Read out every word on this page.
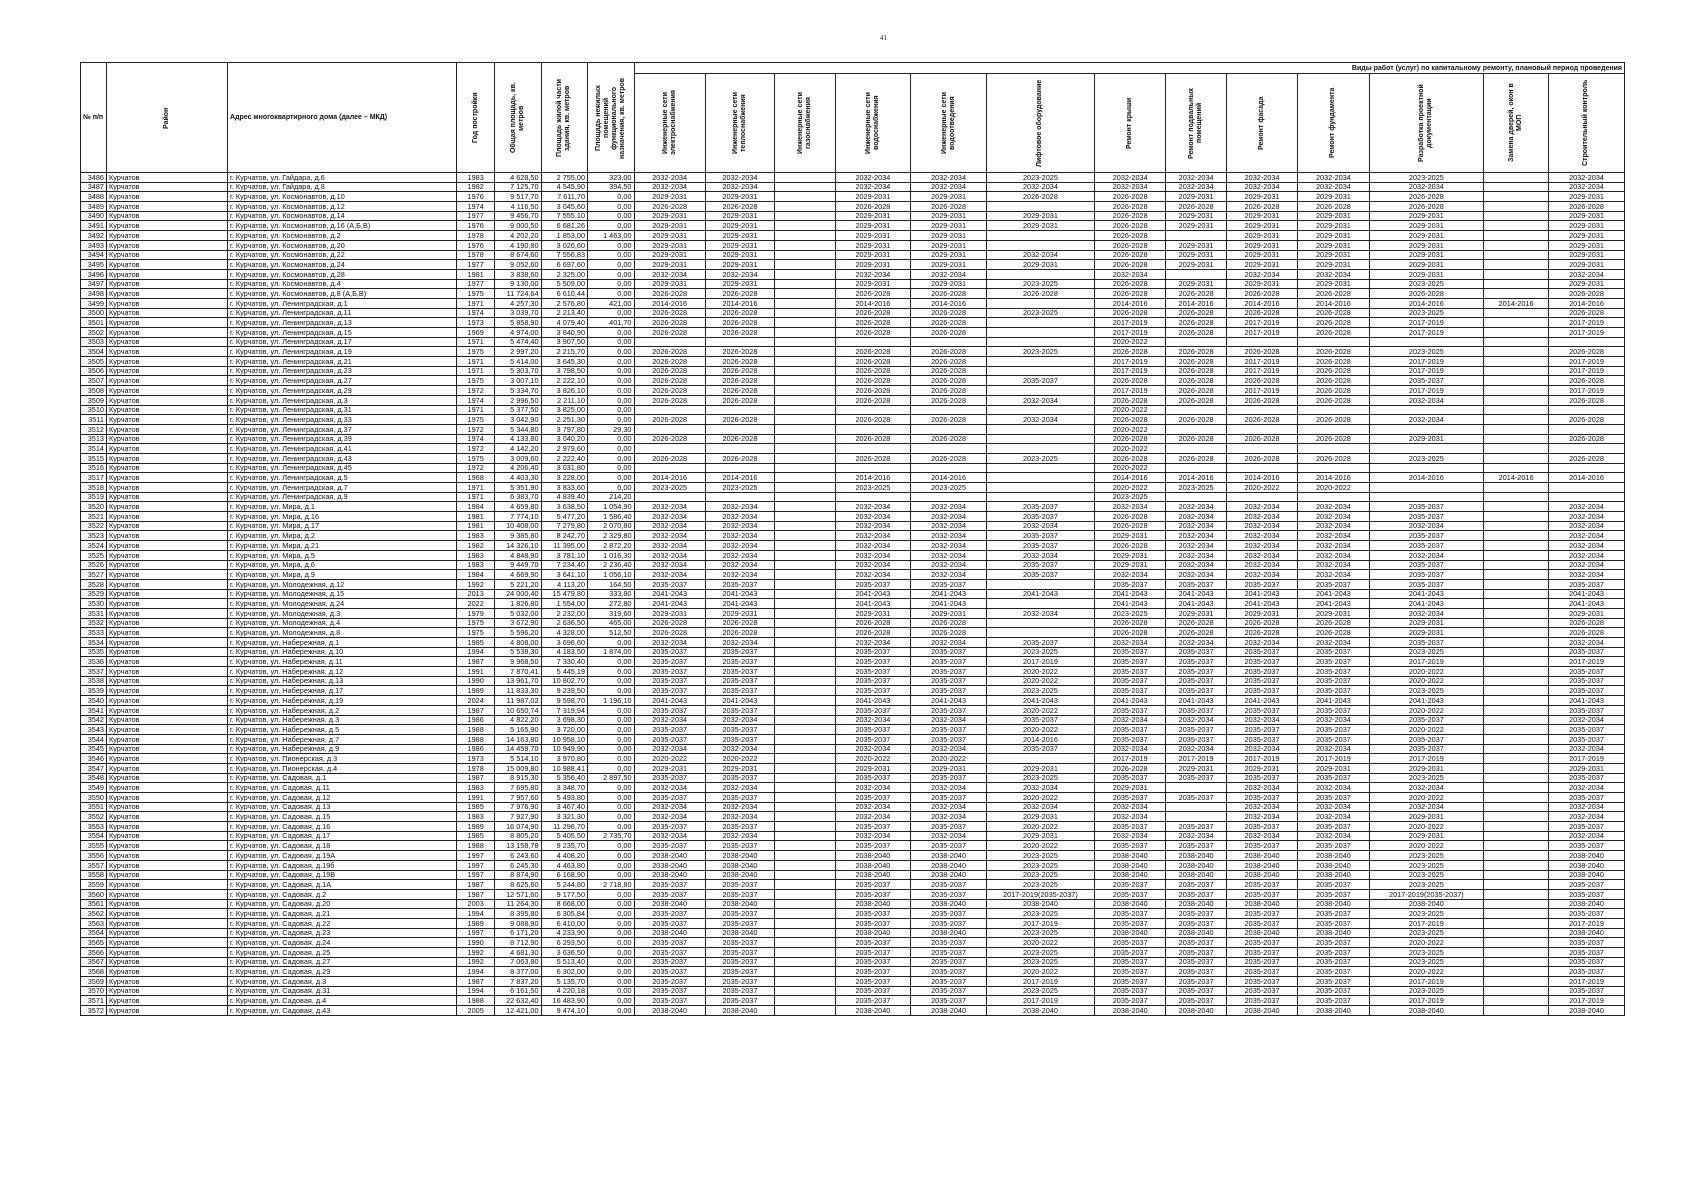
41
№ п/п	Район	Адрес многоквартирного дома (далее – МКД)	Год постройки	Общая площадь, кв. метров	Площадь жилой части здания, кв. метров	Площадь нежилых помещений функционального назначения, кв. метров	Виды работ (услуг) по капитальному ремонту, плановый период проведения												

							Инженерные сети электроснабжения	Инженерные сети теплоснабжения	Инженерные сети газоснабжения	Инженерные сети водоснабжения	Инженерные сети водоотведения	Лифтовое оборудование	Ремонт крыши	Ремонт подвальных помещений	Ремонт фасада	Ремонт фундамента	Разработка проектной документации	Замена дверей, окон в МОП	Строительный контроль

3486	Курчатов	г. Курчатов, ул. Гайдара, д.6	1983	4 628,50	2 755,00	323,00	2032-2034	2032-2034		2032-2034	2032-2034	2023-2025	2032-2034	2032-2034	2032-2034	2032-2034	2023-2025		2032-2034
3487	Курчатов	г. Курчатов, ул. Гайдара, д.8	1982	7 125,70	4 545,90	394,50	2032-2034	2032-2034		2032-2034	2032-2034	2032-2034	2032-2034	2032-2034	2032-2034	2032-2034	2032-2034		2032-2034
3488	Курчатов	г. Курчатов, ул. Космонавтов, д.10	1976	9 517,70	7 611,70	0,00	2029-2031	2029-2031		2029-2031	2029-2031	2026-2028	2026-2028	2029-2031	2029-2031	2029-2031	2026-2028		2029-2031
3489	Курчатов	г. Курчатов, ул. Космонавтов, д.12	1974	4 116,50	3 045,60	0,00	2026-2028	2026-2028		2026-2028	2026-2028		2026-2028	2026-2028	2026-2028	2026-2028	2026-2028		2026-2028
3490	Курчатов	г. Курчатов, ул. Космонавтов, д.14	1977	9 456,70	7 555,10	0,00	2029-2031	2029-2031		2029-2031	2029-2031	2029-2031	2026-2028	2029-2031	2029-2031	2029-2031	2029-2031		2029-2031
3491	Курчатов	г. Курчатов, ул. Космонавтов, д.16 (А,Б,В)	1976	9 000,50	6 681,26	0,00	2029-2031	2029-2031		2029-2031	2029-2031	2029-2031	2026-2028	2029-2031	2029-2031	2029-2031	2029-2031		2029-2031
3492	Курчатов	г. Курчатов, ул. Космонавтов, д.2	1978	4 202,20	1 853,00	1 463,00	2029-2031	2029-2031		2029-2031	2029-2031		2026-2028		2029-2031	2029-2031	2029-2031		2029-2031
3493	Курчатов	г. Курчатов, ул. Космонавтов, д.20	1976	4 190,80	3 026,60	0,00	2029-2031	2029-2031		2029-2031	2029-2031		2026-2028	2029-2031	2029-2031	2029-2031	2029-2031		2029-2031
3494	Курчатов	г. Курчатов, ул. Космонавтов, д.22	1978	8 674,60	7 556,83	0,00	2029-2031	2029-2031		2029-2031	2029-2031	2032-2034	2026-2028	2029-2031	2029-2031	2029-2031	2029-2031		2029-2031
3495	Курчатов	г. Курчатов, ул. Космонавтов, д.24	1977	9 052,60	6 697,60	0,00	2029-2031	2029-2031		2029-2031	2029-2031	2029-2031	2026-2028	2029-2031	2029-2031	2029-2031	2029-2031		2029-2031
3496	Курчатов	г. Курчатов, ул. Космонавтов, д.28	1981	3 838,60	2 325,00	0,00	2032-2034	2032-2034		2032-2034	2032-2034		2032-2034		2032-2034	2032-2034	2029-2031		2032-2034
3497	Курчатов	г. Курчатов, ул. Космонавтов, д.4	1977	9 130,00	5 509,00	0,00	2029-2031	2029-2031		2029-2031	2029-2031	2023-2025	2026-2028	2029-2031	2029-2031	2029-2031	2023-2025		2029-2031
3498	Курчатов	г. Курчатов, ул. Космонавтов, д.8 (А,Б,В)	1975	11 724,64	6 610,44	0,00	2026-2028	2026-2028		2026-2028	2026-2028	2026-2028	2026-2028	2026-2028	2026-2028	2026-2028	2026-2028		2026-2028
3499	Курчатов	г. Курчатов, ул. Ленинградская, д.1	1971	4 257,30	2 576,80	421,00	2014-2016	2014-2016		2014-2016	2014-2016		2014-2016	2014-2016	2014-2016	2014-2016	2014-2016	2014-2016	2014-2016
3500	Курчатов	г. Курчатов, ул. Ленинградская, д.11	1974	3 039,70	2 213,40	0,00	2026-2028	2026-2028		2026-2028	2026-2028	2023-2025	2026-2028	2026-2028	2026-2028	2026-2028	2023-2025		2026-2028
3501	Курчатов	г. Курчатов, ул. Ленинградская, д.13	1973	5 858,90	4 079,40	401,70	2026-2028	2026-2028		2026-2028	2026-2028		2017-2019	2026-2028	2017-2019	2026-2028	2017-2019		2017-2019
3502	Курчатов	г. Курчатов, ул. Ленинградская, д.15	1969	4 974,00	3 840,90	0,00	2026-2028	2026-2028		2026-2028	2026-2028		2017-2019	2026-2028	2017-2019	2026-2028	2017-2019		2017-2019
3503	Курчатов	г. Курчатов, ул. Ленинградская, д.17	1971	5 474,40	3 907,50	0,00							2020-2022						
3504	Курчатов	г. Курчатов, ул. Ленинградская, д.19	1975	2 997,20	2 215,70	0,00	2026-2028	2026-2028		2026-2028	2026-2028	2023-2025	2026-2028	2026-2028	2026-2028	2026-2028	2023-2025		2026-2028
3505	Курчатов	г. Курчатов, ул. Ленинградская, д.21	1971	5 414,00	3 645,30	0,00	2026-2028	2026-2028		2026-2028	2026-2028		2017-2019	2026-2028	2017-2019	2026-2028	2017-2019		2017-2019
3506	Курчатов	г. Курчатов, ул. Ленинградская, д.23	1971	5 303,70	3 798,50	0,00	2026-2028	2026-2028		2026-2028	2026-2028		2017-2019	2026-2028	2017-2019	2026-2028	2017-2019		2017-2019
3507	Курчатов	г. Курчатов, ул. Ленинградская, д.27	1975	3 007,10	2 222,10	0,00	2026-2028	2026-2028		2026-2028	2026-2028	2035-2037	2026-2028	2026-2028	2026-2028	2026-2028	2035-2037		2026-2028
3508	Курчатов	г. Курчатов, ул. Ленинградская, д.29	1972	5 334,70	3 826,10	0,00	2026-2028	2026-2028		2026-2028	2026-2028		2017-2019	2026-2028	2017-2019	2026-2028	2017-2019		2017-2019
3509	Курчатов	г. Курчатов, ул. Ленинградская, д.3	1974	2 996,50	2 211,10	0,00	2026-2028	2026-2028		2026-2028	2026-2028	2032-2034	2026-2028	2026-2028	2026-2028	2026-2028	2032-2034		2026-2028
3510	Курчатов	г. Курчатов, ул. Ленинградская, д.31	1971	5 377,50	3 825,00	0,00							2020-2022						
3511	Курчатов	г. Курчатов, ул. Ленинградская, д.33	1975	3 042,90	2 251,30	0,00	2026-2028	2026-2028		2026-2028	2026-2028	2032-2034	2026-2028	2026-2028	2026-2028	2026-2028	2032-2034		2026-2028
3512	Курчатов	г. Курчатов, ул. Ленинградская, д.37	1972	5 344,80	3 797,80	29,30							2020-2022						
3513	Курчатов	г. Курчатов, ул. Ленинградская, д.39	1974	4 133,80	3 040,20	0,00	2026-2028	2026-2028		2026-2028	2026-2028		2026-2028	2026-2028	2026-2028	2026-2028	2029-2031		2026-2028
3514	Курчатов	г. Курчатов, ул. Ленинградская, д.41	1972	4 142,20	2 979,60	0,00							2020-2022						
3515	Курчатов	г. Курчатов, ул. Ленинградская, д.43	1975	3 009,60	2 222,40	0,00	2026-2028	2026-2028		2026-2028	2026-2028	2023-2025	2026-2028	2026-2028	2026-2028	2026-2028	2023-2025		2026-2028
3516	Курчатов	г. Курчатов, ул. Ленинградская, д.45	1972	4 206,40	3 031,80	0,00							2020-2022						
3517	Курчатов	г. Курчатов, ул. Ленинградская, д.5	1968	4 403,30	3 228,00	0,00	2014-2016	2014-2016		2014-2016	2014-2016		2014-2016	2014-2016	2014-2016	2014-2016	2014-2016	2014-2016	2014-2016
3518	Курчатов	г. Курчатов, ул. Ленинградская, д.7	1971	5 351,90	3 833,60	0,00	2023-2025	2023-2025		2023-2025	2023-2025		2020-2022	2023-2025	2020-2022	2020-2022			
3519	Курчатов	г. Курчатов, ул. Ленинградская, д.9	1971	6 383,70	4 839,40	214,20							2023-2025						
3520	Курчатов	г. Курчатов, ул. Мира, д.1	1984	4 659,80	3 638,50	1 054,90	2032-2034	2032-2034		2032-2034	2032-2034	2035-2037	2032-2034	2032-2034	2032-2034	2032-2034	2035-2037		2032-2034
3521	Курчатов	г. Курчатов, ул. Мира, д.16	1981	7 774,10	5 477,20	1 586,40	2032-2034	2032-2034		2032-2034	2032-2034	2035-2037	2026-2028	2032-2034	2032-2034	2032-2034	2035-2037		2032-2034
3522	Курчатов	г. Курчатов, ул. Мира, д.17	1981	10 408,00	7 279,80	2 070,80	2032-2034	2032-2034		2032-2034	2032-2034	2032-2034	2026-2028	2032-2034	2032-2034	2032-2034	2032-2034		2032-2034
3523	Курчатов	г. Курчатов, ул. Мира, д.2	1983	9 385,80	8 242,70	2 329,80	2032-2034	2032-2034		2032-2034	2032-2034	2035-2037	2029-2031	2032-2034	2032-2034	2032-2034	2035-2037		2032-2034
3524	Курчатов	г. Курчатов, ул. Мира, д.21	1982	14 326,10	11 395,00	2 872,20	2032-2034	2032-2034		2032-2034	2032-2034	2035-2037	2026-2028	2032-2034	2032-2034	2032-2034	2035-2037		2032-2034
3525	Курчатов	г. Курчатов, ул. Мира, д.5	1983	4 848,90	3 781,10	1 016,30	2032-2034	2032-2034		2032-2034	2032-2034	2032-2034	2029-2031	2032-2034	2032-2034	2032-2034	2032-2034		2032-2034
3526	Курчатов	г. Курчатов, ул. Мира, д.6	1983	9 449,70	7 234,40	2 236,40	2032-2034	2032-2034		2032-2034	2032-2034	2035-2037	2029-2031	2032-2034	2032-2034	2032-2034	2035-2037		2032-2034
3527	Курчатов	г. Курчатов, ул. Мира, д.9	1984	4 669,90	3 641,10	1 056,10	2032-2034	2032-2034		2032-2034	2032-2034	2035-2037	2032-2034	2032-2034	2032-2034	2032-2034	2035-2037		2032-2034
3528	Курчатов	г. Курчатов, ул. Молодежная, д.12	1992	5 221,20	4 113,20	164,50	2035-2037	2035-2037		2035-2037	2035-2037		2035-2037	2035-2037	2035-2037	2035-2037	2035-2037		2035-2037
3529	Курчатов	г. Курчатов, ул. Молодежная, д.15	2013	24 000,40	15 479,80	333,80	2041-2043	2041-2043		2041-2043	2041-2043	2041-2043	2041-2043	2041-2043	2041-2043	2041-2043	2041-2043		2041-2043
3530	Курчатов	г. Курчатов, ул. Молодежная, д.24	2022	1 826,80	1 554,00	272,80	2041-2043	2041-2043		2041-2043	2041-2043		2041-2043	2041-2043	2041-2043	2041-2043	2041-2043		2041-2043
3531	Курчатов	г. Курчатов, ул. Молодежная, д.3	1979	5 032,00	2 232,00	319,60	2029-2031	2029-2031		2029-2031	2029-2031	2032-2034	2023-2025	2029-2031	2029-2031	2029-2031	2032-2034		2029-2031
3532	Курчатов	г. Курчатов, ул. Молодежная, д.4	1975	3 672,90	2 636,50	465,00	2026-2028	2026-2028		2026-2028	2026-2028		2026-2028	2026-2028	2026-2028	2026-2028	2029-2031		2026-2028
3533	Курчатов	г. Курчатов, ул. Молодежная, д.8	1975	5 596,20	4 328,00	512,50	2026-2028	2026-2028		2026-2028	2026-2028		2026-2028	2026-2028	2026-2028	2026-2028	2029-2031		2026-2028
3534	Курчатов	г. Курчатов, ул. Набережная, д.1	1985	4 808,00	3 696,60	0,00	2032-2034	2032-2034		2032-2034	2032-2034	2035-2037	2032-2034	2032-2034	2032-2034	2032-2034	2035-2037		2032-2034
3535	Курчатов	г. Курчатов, ул. Набережная, д.10	1994	5 538,30	4 183,50	1 874,00	2035-2037	2035-2037		2035-2037	2035-2037	2023-2025	2035-2037	2035-2037	2035-2037	2035-2037	2023-2025		2035-2037
3536	Курчатов	г. Курчатов, ул. Набережная, д.11	1987	9 968,50	7 330,40	0,00	2035-2037	2035-2037		2035-2037	2035-2037	2017-2019	2035-2037	2035-2037	2035-2037	2035-2037	2017-2019		2017-2019
3537	Курчатов	г. Курчатов, ул. Набережная, д.12	1991	7 870,41	5 445,19	0,00	2035-2037	2035-2037		2035-2037	2035-2037	2020-2022	2035-2037	2035-2037	2035-2037	2035-2037	2020-2022		2035-2037
3538	Курчатов	г. Курчатов, ул. Набережная, д.13	1990	13 961,70	10 802,70	0,00	2035-2037	2035-2037		2035-2037	2035-2037	2020-2022	2035-2037	2035-2037	2035-2037	2035-2037	2020-2022		2035-2037
3539	Курчатов	г. Курчатов, ул. Набережная, д.17	1989	11 833,30	9 239,50	0,00	2035-2037	2035-2037		2035-2037	2035-2037	2023-2025	2035-2037	2035-2037	2035-2037	2035-2037	2023-2025		2035-2037
3540	Курчатов	г. Курчатов, ул. Набережная, д.19	2024	11 987,02	9 598,70	1 196,10	2041-2043	2041-2043		2041-2043	2041-2043	2041-2043	2041-2043	2041-2043	2041-2043	2041-2043	2041-2043		2041-2043
3541	Курчатов	г. Курчатов, ул. Набережная, д.2	1987	10 650,74	7 319,94	0,00	2035-2037	2035-2037		2035-2037	2035-2037	2020-2022	2035-2037	2035-2037	2035-2037	2035-2037	2020-2022		2035-2037
3542	Курчатов	г. Курчатов, ул. Набережная, д.3	1986	4 822,20	3 698,30	0,00	2032-2034	2032-2034		2032-2034	2032-2034	2035-2037	2032-2034	2032-2034	2032-2034	2032-2034	2035-2037		2032-2034
3543	Курчатов	г. Курчатов, ул. Набережная, д.5	1988	5 165,90	3 720,00	0,00	2035-2037	2035-2037		2035-2037	2035-2037	2020-2022	2035-2037	2035-2037	2035-2037	2035-2037	2020-2022		2035-2037
3544	Курчатов	г. Курчатов, ул. Набережная, д.7	1988	14 163,80	10 958,10	0,00	2035-2037	2035-2037		2035-2037	2035-2037	2014-2016	2035-2037	2035-2037	2035-2037	2035-2037	2035-2037		2035-2037
3545	Курчатов	г. Курчатов, ул. Набережная, д.9	1986	14 459,70	10 949,90	0,00	2032-2034	2032-2034		2032-2034	2032-2034	2035-2037	2032-2034	2032-2034	2032-2034	2032-2034	2035-2037		2032-2034
3546	Курчатов	г. Курчатов, ул. Пионерская, д.3	1973	5 514,10	3 970,80	0,00	2020-2022	2020-2022		2020-2022	2020-2022		2017-2019	2017-2019	2017-2019	2017-2019	2017-2019		2017-2019
3547	Курчатов	г. Курчатов, ул. Пионерская, д.4	1978	15 009,80	10 988,41	0,00	2029-2031	2029-2031		2029-2031	2029-2031	2029-2031	2026-2028	2029-2031	2029-2031	2029-2031	2029-2031		2029-2031
3548	Курчатов	г. Курчатов, ул. Садовая, д.1	1987	8 915,30	5 356,40	2 897,50	2035-2037	2035-2037		2035-2037	2035-2037	2023-2025	2035-2037	2035-2037	2035-2037	2035-2037	2023-2025		2035-2037
3549	Курчатов	г. Курчатов, ул. Садовая, д.11	1983	7 695,80	3 348,70	0,00	2032-2034	2032-2034		2032-2034	2032-2034	2032-2034	2029-2031		2032-2034	2032-2034	2032-2034		2032-2034
3550	Курчатов	г. Курчатов, ул. Садовая, д.12	1991	7 957,60	5 493,80	0,00	2035-2037	2035-2037		2035-2037	2035-2037	2020-2022	2035-2037	2035-2037	2035-2037	2035-2037	2020-2022		2035-2037
3551	Курчатов	г. Курчатов, ул. Садовая, д.13	1985	7 976,90	3 467,40	0,00	2032-2034	2032-2034		2032-2034	2032-2034	2032-2034	2032-2034		2032-2034	2032-2034	2032-2034		2032-2034
3552	Курчатов	г. Курчатов, ул. Садовая, д.15	1983	7 927,90	3 321,30	0,00	2032-2034	2032-2034		2032-2034	2032-2034	2029-2031	2032-2034		2032-2034	2032-2034	2029-2031		2032-2034
3553	Курчатов	г. Курчатов, ул. Садовая, д.16	1989	16 074,90	11 296,70	0,00	2035-2037	2035-2037		2035-2037	2035-2037	2020-2022	2035-2037	2035-2037	2035-2037	2035-2037	2020-2022		2035-2037
3554	Курчатов	г. Курчатов, ул. Садовая, д.17	1985	8 805,20	5 405,50	2 735,70	2032-2034	2032-2034		2032-2034	2032-2034	2029-2031	2032-2034	2032-2034	2032-2034	2032-2034	2029-2031		2032-2034
3555	Курчатов	г. Курчатов, ул. Садовая, д.18	1988	13 158,78	9 235,70	0,00	2035-2037	2035-2037		2035-2037	2035-2037	2020-2022	2035-2037	2035-2037	2035-2037	2035-2037	2020-2022		2035-2037
3556	Курчатов	г. Курчатов, ул. Садовая, д.19А	1997	6 243,60	4 408,20	0,00	2038-2040	2038-2040		2038-2040	2038-2040	2023-2025	2038-2040	2038-2040	2038-2040	2038-2040	2023-2025		2038-2040
3557	Курчатов	г. Курчатов, ул. Садовая, д.19б	1997	6 245,30	4 463,80	0,00	2038-2040	2038-2040		2038-2040	2038-2040	2023-2025	2038-2040	2038-2040	2038-2040	2038-2040	2023-2025		2038-2040
3558	Курчатов	г. Курчатов, ул. Садовая, д.19В	1997	8 874,90	6 168,90	0,00	2038-2040	2038-2040		2038-2040	2038-2040	2023-2025	2038-2040	2038-2040	2038-2040	2038-2040	2023-2025		2038-2040
3559	Курчатов	г. Курчатов, ул. Садовая, д.1А	1987	8 625,60	5 244,80	2 718,80	2035-2037	2035-2037		2035-2037	2035-2037	2023-2025	2035-2037	2035-2037	2035-2037	2035-2037	2023-2025		2035-2037
3560	Курчатов	г. Курчатов, ул. Садовая, д.2	1987	12 571,60	9 177,50	0,00	2035-2037	2035-2037		2035-2037	2035-2037	2017-2019(2035-2037)	2035-2037	2035-2037	2035-2037	2035-2037	2017-2019(2035-2037)		2035-2037
3561	Курчатов	г. Курчатов, ул. Садовая, д.20	2003	11 264,30	8 668,00	0,00	2038-2040	2038-2040		2038-2040	2038-2040	2038-2040	2038-2040	2038-2040	2038-2040	2038-2040	2038-2040		2038-2040
3562	Курчатов	г. Курчатов, ул. Садовая, д.21	1994	8 395,80	6 305,84	0,00	2035-2037	2035-2037		2035-2037	2035-2037	2023-2025	2035-2037	2035-2037	2035-2037	2035-2037	2023-2025		2035-2037
3563	Курчатов	г. Курчатов, ул. Садовая, д.22	1989	9 088,90	6 410,00	0,00	2035-2037	2035-2037		2035-2037	2035-2037	2017-2019	2035-2037	2035-2037	2035-2037	2035-2037	2017-2019		2017-2019
3564	Курчатов	г. Курчатов, ул. Садовая, д.23	1997	6 171,20	4 233,90	0,00	2038-2040	2038-2040		2038-2040	2038-2040	2023-2025	2038-2040	2038-2040	2038-2040	2038-2040	2023-2025		2038-2040
3565	Курчатов	г. Курчатов, ул. Садовая, д.24	1990	8 712,90	6 293,50	0,00	2035-2037	2035-2037		2035-2037	2035-2037	2020-2022	2035-2037	2035-2037	2035-2037	2035-2037	2020-2022		2035-2037
3566	Курчатов	г. Курчатов, ул. Садовая, д.25	1992	4 681,30	3 636,50	0,00	2035-2037	2035-2037		2035-2037	2035-2037	2023-2025	2035-2037	2035-2037	2035-2037	2035-2037	2023-2025		2035-2037
3567	Курчатов	г. Курчатов, ул. Садовая, д.27	1992	7 063,80	5 513,40	0,00	2035-2037	2035-2037		2035-2037	2035-2037	2023-2025	2035-2037	2035-2037	2035-2037	2035-2037	2023-2025		2035-2037
3568	Курчатов	г. Курчатов, ул. Садовая, д.29	1994	8 377,00	6 302,00	0,00	2035-2037	2035-2037		2035-2037	2035-2037	2020-2022	2035-2037	2035-2037	2035-2037	2035-2037	2020-2022		2035-2037
3569	Курчатов	г. Курчатов, ул. Садовая, д.3	1987	7 837,20	5 135,70	0,00	2035-2037	2035-2037		2035-2037	2035-2037	2017-2019	2035-2037	2035-2037	2035-2037	2035-2037	2017-2019		2017-2019
3570	Курчатов	г. Курчатов, ул. Садовая, д.31	1994	6 161,50	4 220,18	0,00	2035-2037	2035-2037		2035-2037	2035-2037	2023-2025	2035-2037	2035-2037	2035-2037	2035-2037	2023-2025		2035-2037
3571	Курчатов	г. Курчатов, ул. Садовая, д.4	1988	22 632,40	16 483,90	0,00	2035-2037	2035-2037		2035-2037	2035-2037	2017-2019	2035-2037	2035-2037	2035-2037	2035-2037	2017-2019		2017-2019
3572	Курчатов	г. Курчатов, ул. Садовая, д.43	2005	12 421,00	9 474,10	0,00	2038-2040	2038-2040		2038-2040	2038-2040	2038-2040	2038-2040	2038-2040	2038-2040	2038-2040	2038-2040		2038-2040
